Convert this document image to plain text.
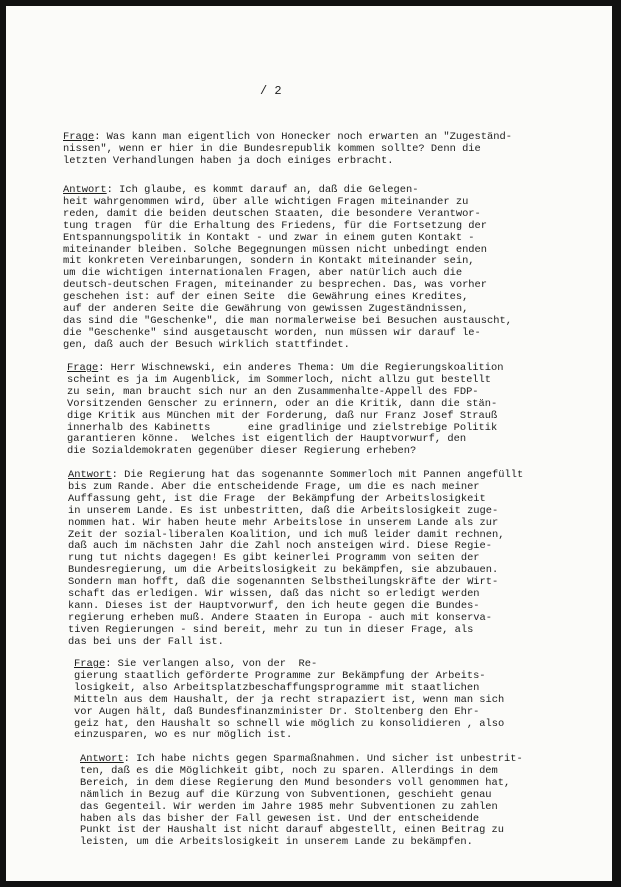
/ 2
Frage: Was kann man eigentlich von Honecker noch erwarten an "Zugeständ-
nissen", wenn er hier in die Bundesrepublik kommen sollte? Denn die
letzten Verhandlungen haben ja doch einiges erbracht.
Antwort: Ich glaube, es kommt darauf an, daß die Gelegen-
heit wahrgenommen wird, über alle wichtigen Fragen miteinander zu
reden, damit die beiden deutschen Staaten, die besondere Verantwor-
tung tragen  für die Erhaltung des Friedens, für die Fortsetzung der
Entspannungspolitik in Kontakt - und zwar in einem guten Kontakt -
miteinander bleiben. Solche Begegnungen müssen nicht unbedingt enden
mit konkreten Vereinbarungen, sondern in Kontakt miteinander sein,
um die wichtigen internationalen Fragen, aber natürlich auch die
deutsch-deutschen Fragen, miteinander zu besprechen. Das, was vorher
geschehen ist: auf der einen Seite  die Gewährung eines Kredites,
auf der anderen Seite die Gewährung von gewissen Zugeständnissen,
das sind die "Geschenke", die man normalerweise bei Besuchen austauscht,
die "Geschenke" sind ausgetauscht worden, nun müssen wir darauf le-
gen, daß auch der Besuch wirklich stattfindet.
Frage: Herr Wischnewski, ein anderes Thema: Um die Regierungskoalition
scheint es ja im Augenblick, im Sommerloch, nicht allzu gut bestellt
zu sein, man braucht sich nur an den Zusammenhalte-Appell des FDP-
Vorsitzenden Genscher zu erinnern, oder an die Kritik, dann die stän-
dige Kritik aus München mit der Forderung, daß nur Franz Josef Strauß
innerhalb des Kabinetts      eine gradlinige und zielstrebige Politik
garantieren könne.  Welches ist eigentlich der Hauptvorwurf, den
die Sozialdemokraten gegenüber dieser Regierung erheben?
Antwort: Die Regierung hat das sogenannte Sommerloch mit Pannen angefüllt
bis zum Rande. Aber die entscheidende Frage, um die es nach meiner
Auffassung geht, ist die Frage  der Bekämpfung der Arbeitslosigkeit
in unserem Lande. Es ist unbestritten, daß die Arbeitslosigkeit zuge-
nommen hat. Wir haben heute mehr Arbeitslose in unserem Lande als zur
Zeit der sozial-liberalen Koalition, und ich muß leider damit rechnen,
daß auch im nächsten Jahr die Zahl noch ansteigen wird. Diese Regie-
rung tut nichts dagegen! Es gibt keinerlei Programm von seiten der
Bundesregierung, um die Arbeitslosigkeit zu bekämpfen, sie abzubauen.
Sondern man hofft, daß die sogenannten Selbstheilungskräfte der Wirt-
schaft das erledigen. Wir wissen, daß das nicht so erledigt werden
kann. Dieses ist der Hauptvorwurf, den ich heute gegen die Bundes-
regierung erheben muß. Andere Staaten in Europa - auch mit konserva-
tiven Regierungen - sind bereit, mehr zu tun in dieser Frage, als
das bei uns der Fall ist.
Frage: Sie verlangen also, von der  Re-
gierung staatlich geförderte Programme zur Bekämpfung der Arbeits-
losigkeit, also Arbeitsplatzbeschaffungsprogramme mit staatlichen
Mitteln aus dem Haushalt, der ja recht strapaziert ist, wenn man sich
vor Augen hält, daß Bundesfinanzminister Dr. Stoltenberg den Ehr-
geiz hat, den Haushalt so schnell wie möglich zu konsolidieren , also
einzusparen, wo es nur möglich ist.
Antwort: Ich habe nichts gegen Sparmaßnahmen. Und sicher ist unbestrit-
ten, daß es die Möglichkeit gibt, noch zu sparen. Allerdings in dem
Bereich, in dem diese Regierung den Mund besonders voll genommen hat,
nämlich in Bezug auf die Kürzung von Subventionen, geschieht genau
das Gegenteil. Wir werden im Jahre 1985 mehr Subventionen zu zahlen
haben als das bisher der Fall gewesen ist. Und der entscheidende
Punkt ist der Haushalt ist nicht darauf abgestellt, einen Beitrag zu
leisten, um die Arbeitslosigkeit in unserem Lande zu bekämpfen.
